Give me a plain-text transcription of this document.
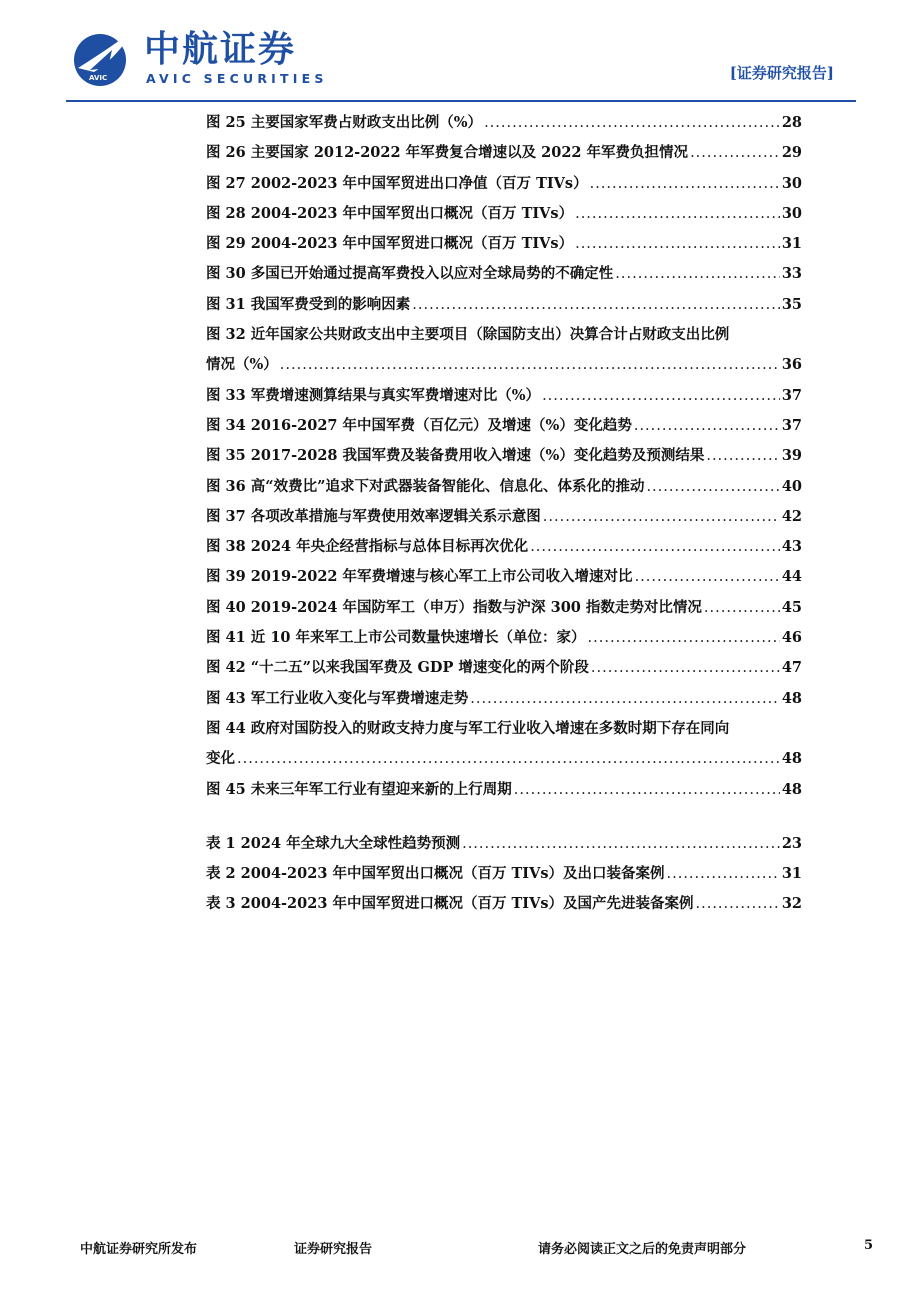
AVIC
中航证券
AVIC SECURITIES	[证券研究报告]
图 25 主要国家军费占财政支出比例（%） .....	28
图 26 主要国家 2012-2022 年军费复合增速以及 2022 年军费负担情况 .....	29
图 27 2002-2023 年中国军贸进出口净值（百万 TIVs） .....	30
图 28 2004-2023 年中国军贸出口概况（百万 TIVs） .....	30
图 29 2004-2023 年中国军贸进口概况（百万 TIVs） .....	31
图 30 多国已开始通过提高军费投入以应对全球局势的不确定性 .....	33
图 31 我国军费受到的影响因素 .....	35
图 32 近年国家公共财政支出中主要项目（除国防支出）决算合计占财政支出比例
情况（%） .....	36
图 33 军费增速测算结果与真实军费增速对比（%） .....	37
图 34 2016-2027 年中国军费（百亿元）及增速（%）变化趋势 .....	37
图 35 2017-2028 我国军费及装备费用收入增速（%）变化趋势及预测结果 .....	39
图 36 高“效费比”追求下对武器装备智能化、信息化、体系化的推动 .....	40
图 37 各项改革措施与军费使用效率逻辑关系示意图 .....	42
图 38 2024 年央企经营指标与总体目标再次优化 .....	43
图 39 2019-2022 年军费增速与核心军工上市公司收入增速对比 .....	44
图 40 2019-2024 年国防军工（申万）指数与沪深 300 指数走势对比情况 .....	45
图 41 近 10 年来军工上市公司数量快速增长（单位：家） .....	46
图 42 “十二五”以来我国军费及 GDP 增速变化的两个阶段 .....	47
图 43 军工行业收入变化与军费增速走势 .....	48
图 44 政府对国防投入的财政支持力度与军工行业收入增速在多数时期下存在同向
变化 .....	48
图 45 未来三年军工行业有望迎来新的上行周期 .....	48
表 1 2024 年全球九大全球性趋势预测 .....	23
表 2 2004-2023 年中国军贸出口概况（百万 TIVs）及出口装备案例 .....	31
表 3 2004-2023 年中国军贸进口概况（百万 TIVs）及国产先进装备案例 .....	32
中航证券研究所发布	证券研究报告	请务必阅读正文之后的免责声明部分	5
